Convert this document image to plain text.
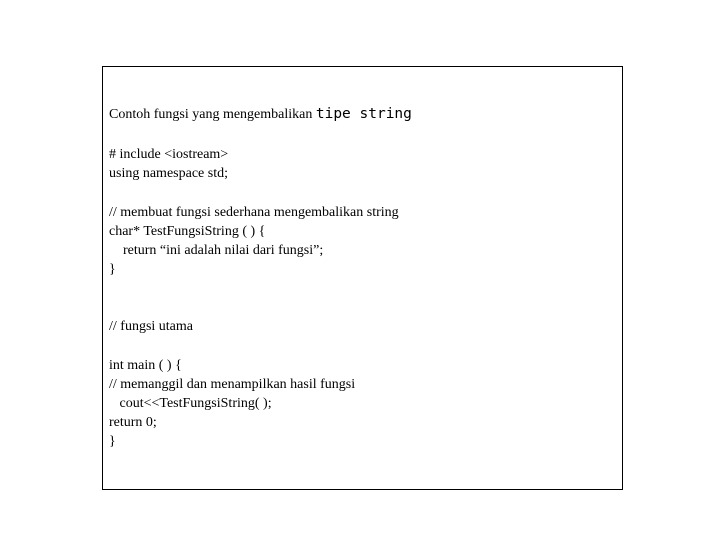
Contoh fungsi yang mengembalikan tipe string
# include <iostream>
using namespace std;
// membuat fungsi sederhana mengembalikan string
char* TestFungsiString ( ) {
return “ini adalah nilai dari fungsi”;
}
// fungsi utama
int main ( ) {
// memanggil dan menampilkan hasil fungsi
cout<<TestFungsiString( );
return 0;
}
